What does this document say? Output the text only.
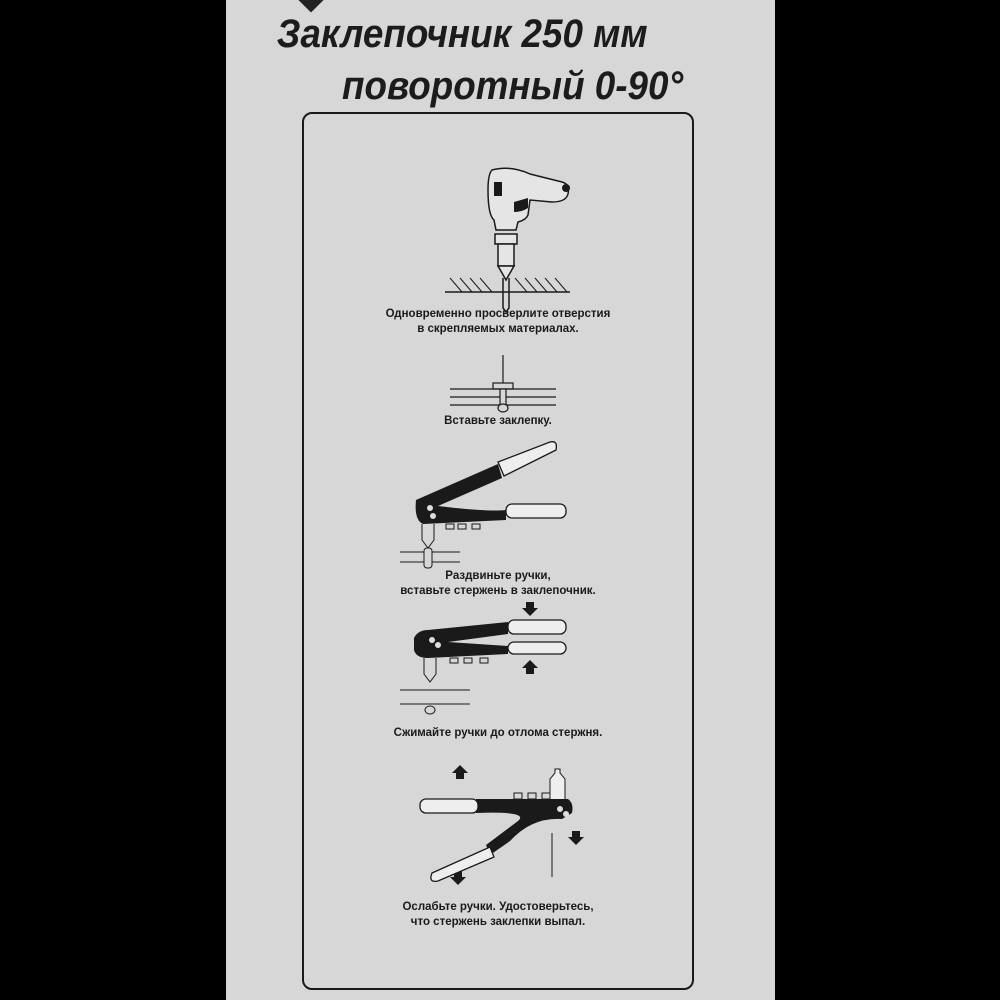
Заклепочник 250 мм
поворотный 0-90°
Одновременно просверлите отверстия
в скрепляемых материалах.
Вставьте заклепку.
Раздвиньте ручки,
вставьте стержень в заклепочник.
Сжимайте ручки до отлома стержня.
Ослабьте ручки. Удостоверьтесь,
что стержень заклепки выпал.
